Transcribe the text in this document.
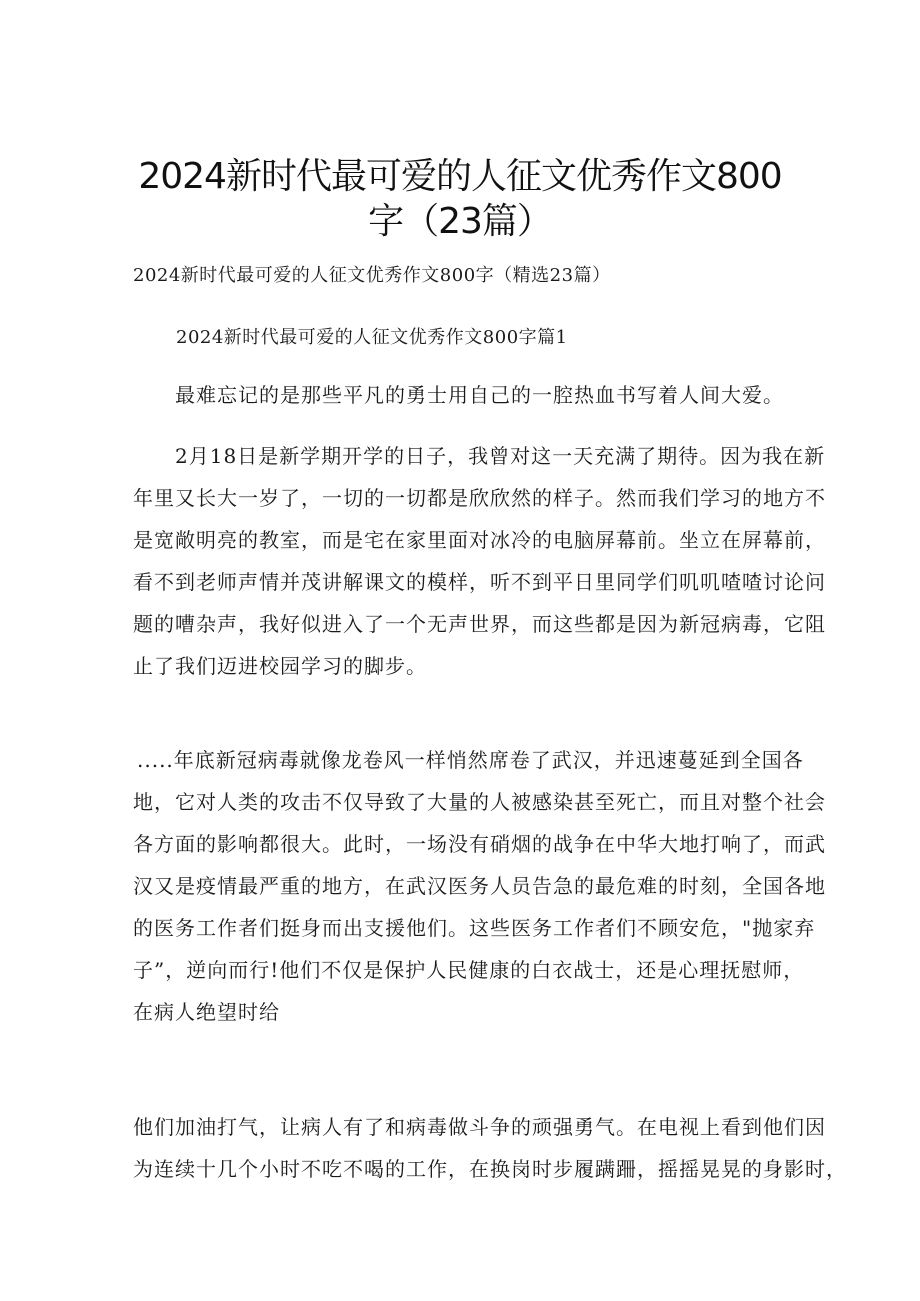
2024新时代最可爱的人征文优秀作文800
字（23篇）
2024新时代最可爱的人征文优秀作文800字（精选23篇）
2024新时代最可爱的人征文优秀作文800字篇1
最难忘记的是那些平凡的勇士用自己的一腔热血书写着人间大爱。
2月18日是新学期开学的日子，我曾对这一天充满了期待。因为我在新
年里又长大一岁了，一切的一切都是欣欣然的样子。然而我们学习的地方不
是宽敞明亮的教室，而是宅在家里面对冰冷的电脑屏幕前。坐立在屏幕前，
看不到老师声情并茂讲解课文的模样，听不到平日里同学们叽叽喳喳讨论问
题的嘈杂声，我好似进入了一个无声世界，而这些都是因为新冠病毒，它阻
止了我们迈进校园学习的脚步。
.....年底新冠病毒就像龙卷风一样悄然席卷了武汉，并迅速蔓延到全国各
地，它对人类的攻击不仅导致了大量的人被感染甚至死亡，而且对整个社会
各方面的影响都很大。此时，一场没有硝烟的战争在中华大地打响了，而武
汉又是疫情最严重的地方，在武汉医务人员告急的最危难的时刻，全国各地
的医务工作者们挺身而出支援他们。这些医务工作者们不顾安危，"抛家弃
子”，逆向而行!他们不仅是保护人民健康的白衣战士，还是心理抚慰师，
在病人绝望时给
他们加油打气，让病人有了和病毒做斗争的顽强勇气。在电视上看到他们因
为连续十几个小时不吃不喝的工作，在换岗时步履蹒跚，摇摇晃晃的身影时，
